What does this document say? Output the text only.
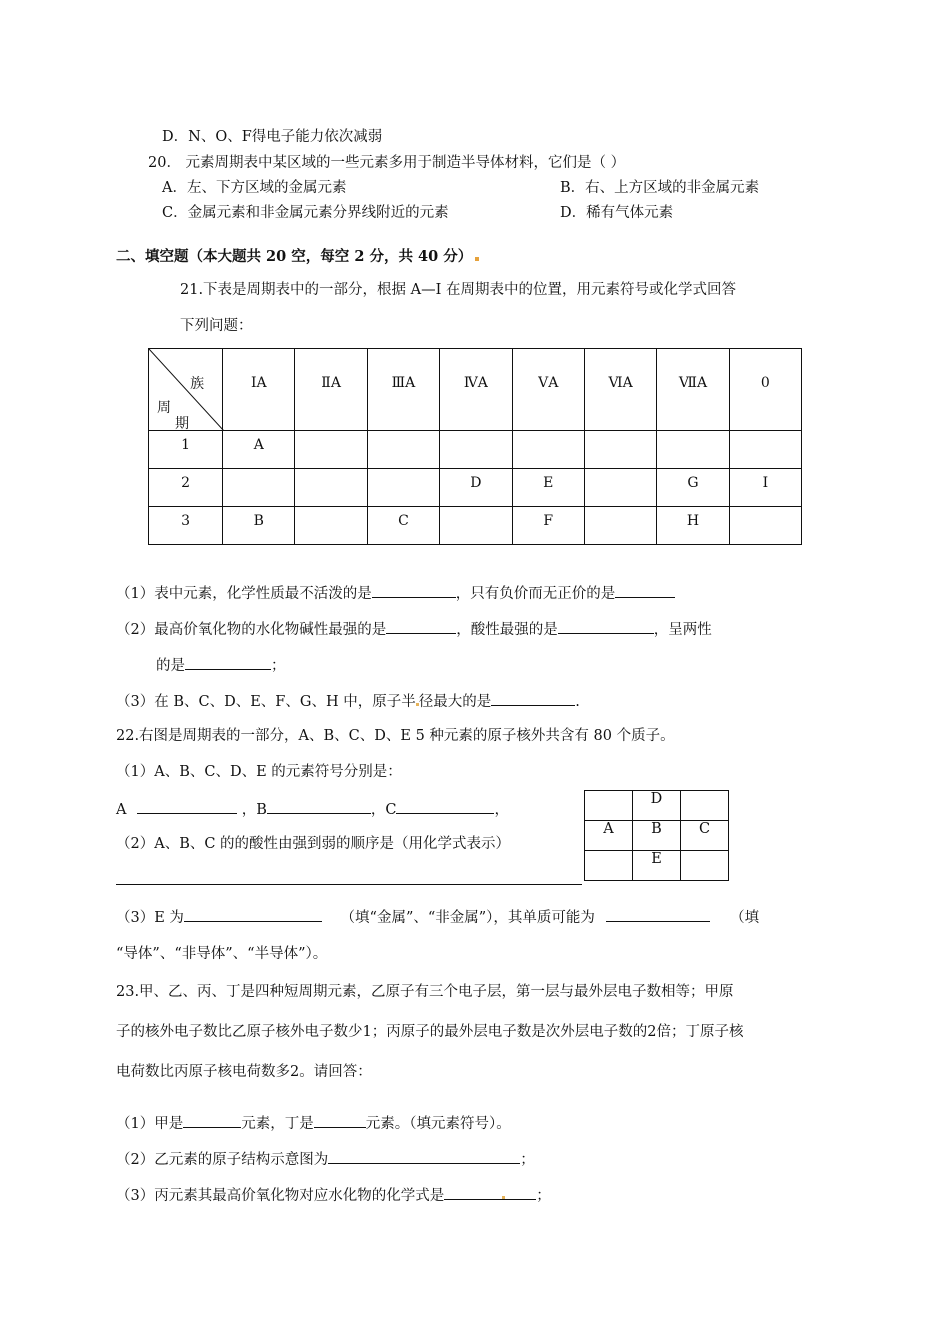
D．N、O、F得电子能力依次减弱
20． 元素周期表中某区域的一些元素多用于制造半导体材料，它们是（ ）
A．左、下方区域的金属元素	B．右、上方区域的非金属元素
C．金属元素和非金属元素分界线附近的元素	D．稀有气体元素
二、填空题（本大题共 20 空，每空 2 分，共 40 分）
21.下表是周期表中的一部分，根据 A—I 在周期表中的位置，用元素符号或化学式回答
下列问题：
族
周
期	ⅠA	ⅡA	ⅢA	ⅣA	ⅤA	ⅥA	ⅦA	0
1	A							
2				D	E		G	I
3	B		C		F		H	
（1）表中元素，化学性质最不活泼的是	，只有负价而无正价的是
（2）最高价氧化物的水化物碱性最强的是	，酸性最强的是	，呈两性
的是	；
（3）在 B、C、D、E、F、G、H 中，原子半 径最大的是	.
22.右图是周期表的一部分，A、B、C、D、E 5 种元素的原子核外共含有 80 个质子。
（1）A、B、C、D、E 的元素符号分别是：
A	，B	，C	，
（2）A、B、C 的的酸性由强到弱的顺序是（用化学式表示）
	D	
A	B	C
	E	
（3）E 为	（填“金属”、“非金属”），其单质可能为	（填
“导体”、“非导体”、“半导体”）。
23.甲、乙、丙、丁是四种短周期元素，乙原子有三个电子层，第一层与最外层电子数相等；甲原
子的核外电子数比乙原子核外电子数少1；丙原子的最外层电子数是次外层电子数的2倍；丁原子核
电荷数比丙原子核电荷数多2。请回答：
（1）甲是	元素，丁是	元素。（填元素符号）。
（2）乙元素的原子结构示意图为	；
（3）丙元素其最高价氧化物对应水化物的化学式是	；
